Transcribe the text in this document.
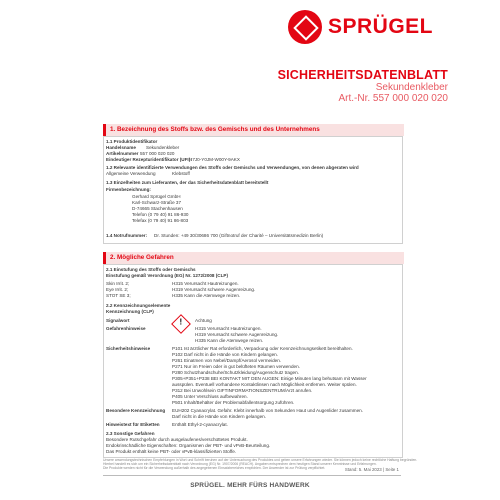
SPRÜGEL
SICHERHEITSDATENBLATT
Sekundenkleber
Art.-Nr. 557 000 020 020
1. Bezeichnung des Stoffs bzw. des Gemischs und des Unternehmens
1.1 Produktidentifikator
Handelsname Sekundenkleber
Artikelnummer 557 000 020 020
Eindeutiger Rezepturidentifikator (UFI):
H7J0-Y0JM-W00Y-9AKX
1.2 Relevante identifizierte Verwendungen des Stoffs oder Gemischs und Verwendungen, von denen abgeraten wird
Allgemeine Verwendung	Klebstoff
1.3 Einzelheiten zum Lieferanten, der das Sicherheitsdatenblatt bereitstellt
Firmenbezeichnung:
Gerhard Sprügel GmbH
Karl-Schwarz-Straße 37
D-74665 Stachenhausen
Telefon (0 79 40) 91 86-930
Telefax (0 79 40) 91 86-803
1.4 Notrufnummer: Dr. Stunden: +49 30/30686 700 (Giftnotruf der Charité – Universitätsmedizin Berlin)
2. Mögliche Gefahren
2.1 Einstufung des Stoffs oder Gemischs
Einstufung gemäß Verordnung (EG) Nr. 1272/2008 (CLP)
Skin Irrit. 2;	H315 Verursacht Hautreizungen.
Eye Irrit. 2;	H319 Verursacht schwere Augenreizung.
STOT SE 3;	H335 Kann die Atemwege reizen.
2.2 Kennzeichnungselemente
Kennzeichnung (CLP)
!
Signalwort	Achtung
Gefahrenhinweise	H315 Verursacht Hautreizungen.
H319 Verursacht schwere Augenreizung.
H335 Kann die Atemwege reizen.
Sicherheitshinweise	P101 Ist ärztlicher Rat erforderlich, Verpackung oder Kennzeichnungsetikett bereithalten.
P102 Darf nicht in die Hände von Kindern gelangen.
P261 Einatmen von Nebel/Dampf/Aerosol vermeiden.
P271 Nur im Freien oder in gut belüfteten Räumen verwenden.
P280 Schutzhandschuhe/Schutzkleidung/Augenschutz tragen.
P305+P351+P338 BEI KONTAKT MIT DEN AUGEN: Einige Minuten lang behutsam mit Wasser
ausspülen. Eventuell vorhandene Kontaktlinsen nach Möglichkeit entfernen. Weiter spülen.
P312 Bei Unwohlsein GIFTINFORMATIONSZENTRUM/Arzt anrufen.
P405 Unter Verschluss aufbewahren.
P501 Inhalt/Behälter der Problemabfallentsorgung zuführen.
Besondere Kennzeichnung EUH202 Cyanacrylat. Gefahr. Klebt innerhalb von Sekunden Haut und Augenlider zusammen.
Darf nicht in die Hände von Kindern gelangen.
Hinweistext für Etiketten	Enthält Ethyl-2-cyanacrylat.
2.3 Sonstige Gefahren
Besondere Rutschgefahr durch ausgelaufenes/verschüttetes Produkt.
Endokrinschädliche Eigenschaften: Organismen der PBT- und vPvB-Beurteilung.
Das Produkt enthält keine PBT- oder vPvB-klassifizierten Stoffe.
Unsere anwendungstechnischen Empfehlungen in Wort und Schrift beruhen auf der Untersuchung des Produktes und geben unsere Erfahrungen wieder. Sie können jedoch keine rechtliche Haftung begründen.
Hierbei handelt es sich um ein Sicherheitsdatenblatt nach Verordnung (EG) Nr. 1907/2006 (REACH). Angaben entsprechen dem heutigen Stand unserer Kenntnisse und Erfahrungen.
Die Produkte werden nicht für die Verwendung außerhalb des angegebenen Einsatzbereiches empfohlen. Der Anwender ist zur Prüfung verpflichtet.	Stand: 5. Mai 2023 | Seite 1
SPRÜGEL. MEHR FÜRS HANDWERK
